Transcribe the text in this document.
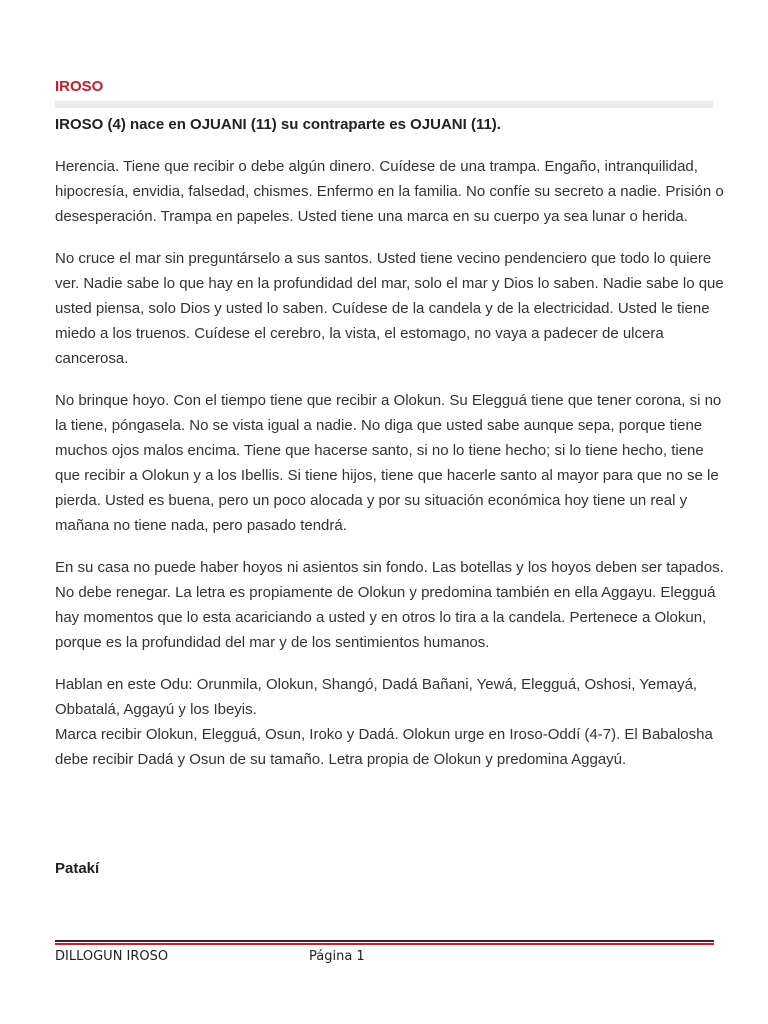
IROSO
IROSO (4) nace en OJUANI (11) su contraparte es OJUANI (11).

Herencia. Tiene que recibir o debe algún dinero. Cuídese de una trampa. Engaño, intranquilidad, hipocresía, envidia, falsedad, chismes. Enfermo en la familia. No confíe su secreto a nadie. Prisión o desesperación. Trampa en papeles. Usted tiene una marca en su cuerpo ya sea lunar o herida.

No cruce el mar sin preguntárselo a sus santos. Usted tiene vecino pendenciero que todo lo quiere ver. Nadie sabe lo que hay en la profundidad del mar, solo el mar y Dios lo saben. Nadie sabe lo que usted piensa, solo Dios y usted lo saben. Cuídese de la candela y de la electricidad. Usted le tiene miedo a los truenos. Cuídese el cerebro, la vista, el estomago, no vaya a padecer de ulcera cancerosa.

No brinque hoyo. Con el tiempo tiene que recibir a Olokun. Su Elegguá tiene que tener corona, si no la tiene, póngasela. No se vista igual a nadie. No diga que usted sabe aunque sepa, porque tiene muchos ojos malos encima. Tiene que hacerse santo, si no lo tiene hecho; si lo tiene hecho, tiene que recibir a Olokun y a los Ibellis. Si tiene hijos, tiene que hacerle santo al mayor para que no se le pierda. Usted es buena, pero un poco alocada y por su situación económica hoy tiene un real y mañana no tiene nada, pero pasado tendrá.

En su casa no puede haber hoyos ni asientos sin fondo. Las botellas y los hoyos deben ser tapados. No debe renegar. La letra es propiamente de Olokun y predomina también en ella Aggayu. Elegguá hay momentos que lo esta acariciando a usted y en otros lo tira a la candela. Pertenece a Olokun, porque es la profundidad del mar y de los sentimientos humanos.

Hablan en este Odu: Orunmila, Olokun, Shangó, Dadá Bañani, Yewá, Elegguá, Oshosi, Yemayá, Obbatalá, Aggayú y los Ibeyis.

Marca recibir Olokun, Elegguá, Osun, Iroko y Dadá. Olokun urge en Iroso-Oddí (4-7). El Babalosha debe recibir Dadá y Osun de su tamaño. Letra propia de Olokun y predomina Aggayú.

Patakí
DILLOGUN IROSO	Página 1
